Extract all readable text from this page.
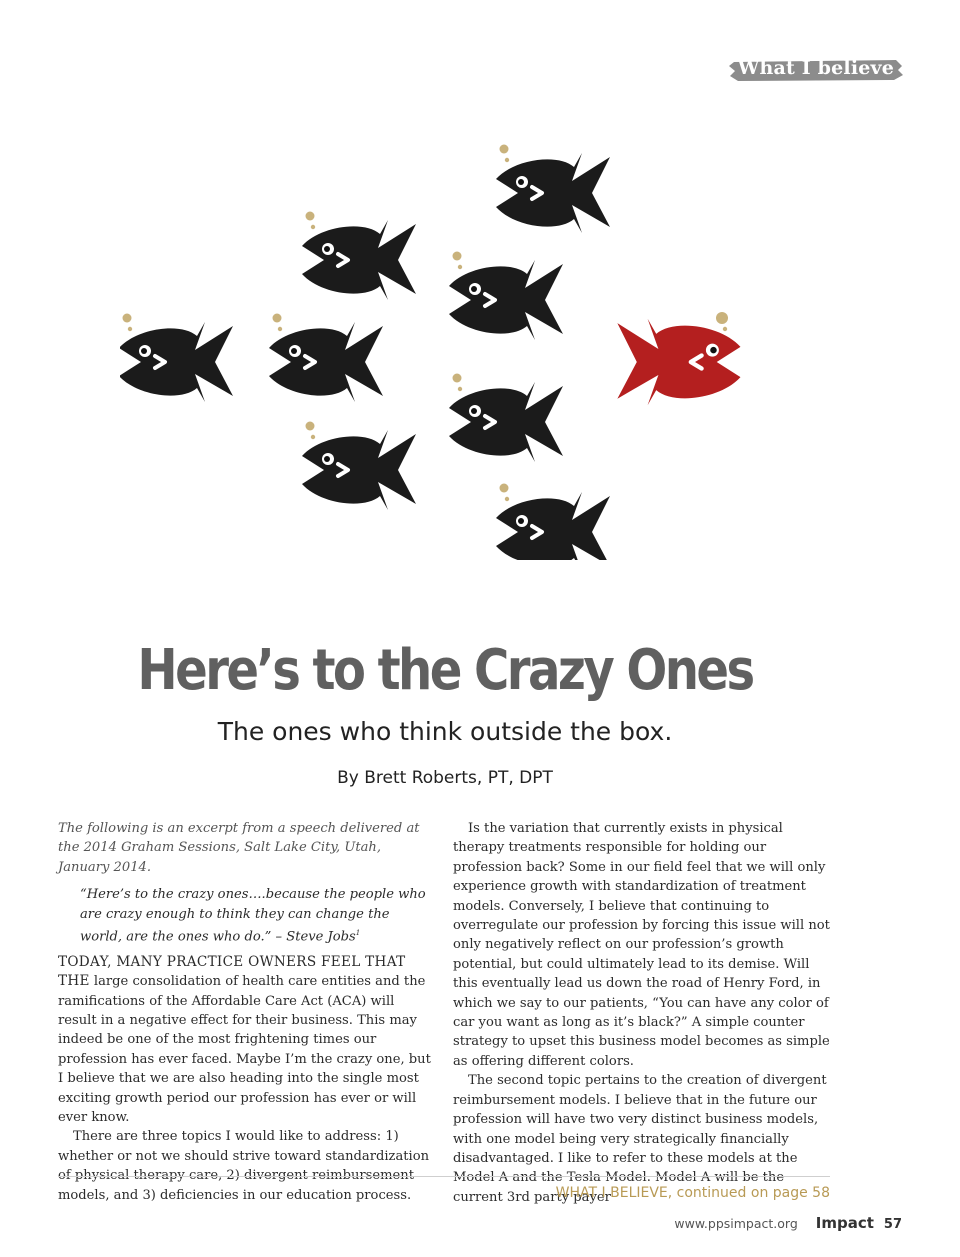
What I believe
Here’s to the Crazy Ones
The ones who think outside the box.
By Brett Roberts, PT, DPT

The following is an excerpt from a speech delivered at the 2014 Graham Sessions, Salt Lake City, Utah, January 2014.

“Here’s to the crazy ones….because the people who are crazy enough to think they can change the world, are the ones who do.” – Steve Jobs$^1$

TODAY, MANY PRACTICE OWNERS FEEL THAT THE large consolidation of health care entities and the ramifications of the Affordable Care Act (ACA) will result in a negative effect for their business. This may indeed be one of the most frightening times our profession has ever faced. Maybe I’m the crazy one, but I believe that we are also heading into the single most exciting growth period our profession has ever or will ever know.

There are three topics I would like to address: 1) whether or not we should strive toward standardization of physical therapy care, 2) divergent reimbursement models, and 3) deficiencies in our education process.

Is the variation that currently exists in physical therapy treatments responsible for holding our profession back? Some in our field feel that we will only experience growth with standardization of treatment models. Conversely, I believe that continuing to overregulate our profession by forcing this issue will not only negatively reflect on our profession’s growth potential, but could ultimately lead to its demise. Will this eventually lead us down the road of Henry Ford, in which we say to our patients, “You can have any color of car you want as long as it’s black?” A simple counter strategy to upset this business model becomes as simple as offering different colors.

The second topic pertains to the creation of divergent reimbursement models. I believe that in the future our profession will have two very distinct business models, with one model being very strategically financially disadvantaged. I like to refer to these models at the Model A and the Tesla Model. Model A will be the current 3rd party payer

WHAT I BELIEVE, continued on page 58
www.ppsimpact.org Impact 57
